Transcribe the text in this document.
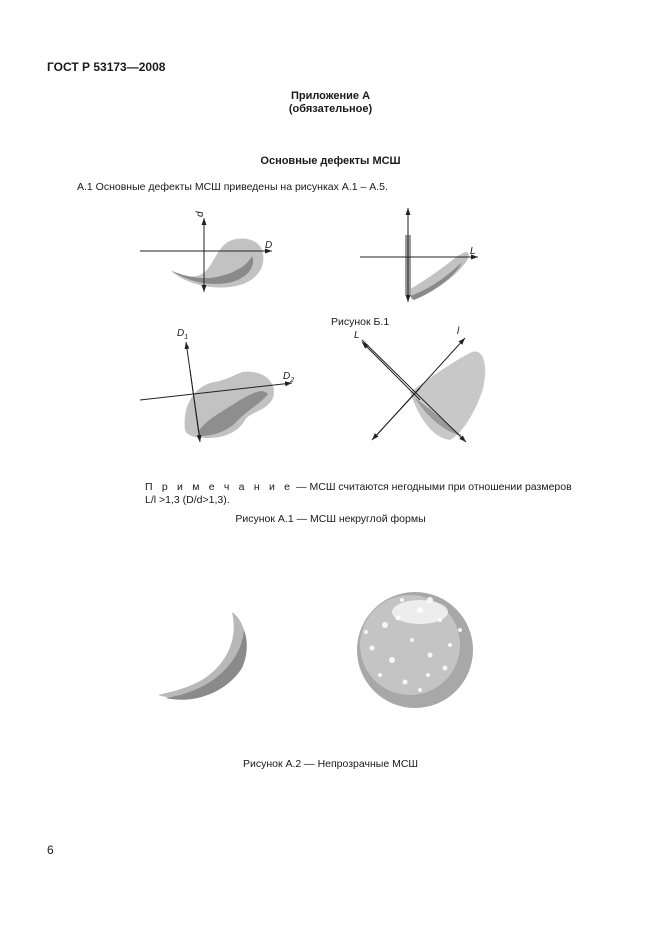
ГОСТ Р 53173—2008
Приложение А
(обязательное)
Основные дефекты МСШ
А.1 Основные дефекты МСШ приведены на рисунках А.1 – А.5.
d
D
L
$D_1$
$D_2$
L	l
Рисунок Б.1
П р и м е ч а н и е — МСШ считаются негодными при отношении размеров
L/l >1,3 (D/d>1,3).
Рисунок А.1 — МСШ некруглой формы
Рисунок А.2 — Непрозрачные МСШ
6
